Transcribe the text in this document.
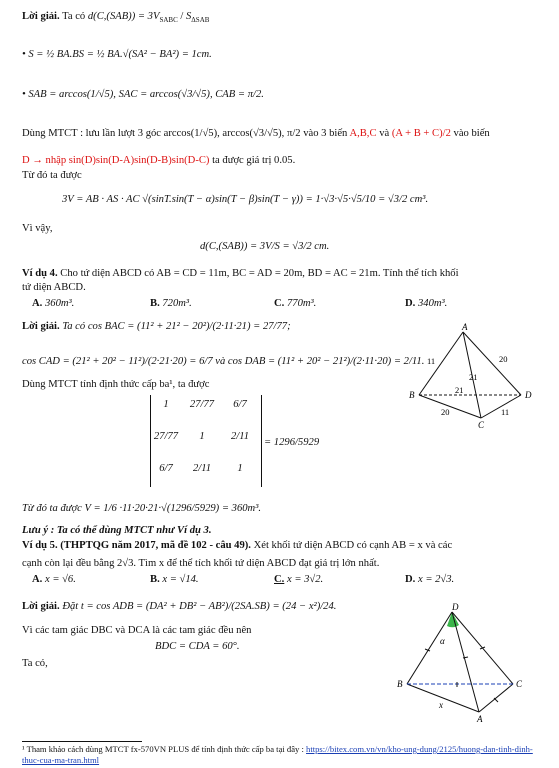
Lời giải. Ta có $d(C,(SAB)) = 3V_{SABC} / S_{\Delta SAB}$
• S = ½ BA.BS = ½ BA.√(SA² − BA²) = 1cm.
• SAB = arccos(1/√5), SAC = arccos(√3/√5), CAB = π/2.
Dùng MTCT : lưu lần lượt 3 góc arccos(1/√5), arccos(√3/√5), π/2 vào 3 biến A,B,C và (A + B + C)/2 vào biến
D → nhập sin(D)sin(D-A)sin(D-B)sin(D-C) ta được giá trị 0.05.
Từ đó ta được
3V = AB · AS · AC √(sinT.sin(T − α)sin(T − β)sin(T − γ)) = 1·√3·√5·√5/10 = √3/2 cm³.
Vì vậy,
d(C,(SAB)) = 3V/S = √3/2 cm.
Ví dụ 4. Cho tứ diện ABCD có AB = CD = 11m, BC = AD = 20m, BD = AC = 21m. Tính thể tích khối
tứ diện ABCD.
A. 360m³.	B. 720m³.	C. 770m³.	D. 340m³.
Lời giải. Ta có cos BAC = (11² + 21² − 20²)/(2·11·21) = 27/77;
cos CAD = (21² + 20² − 11²)/(2·21·20) = 6/7 và cos DAB = (11² + 20² − 21²)/(2·11·20) = 2/11.
Dùng MTCT tính định thức cấp ba¹, ta được
1	27/77	6/7
27/77	1	2/11
6/7	2/11	1
= 1296/5929
Từ đó ta được V = 1/6 ·11·20·21·√(1296/5929) = 360m³.
Lưu ý : Ta có thể dùng MTCT như Ví dụ 3.
A
B
C
D
11	20
21
21
20	11
Ví dụ 5. (THPTQG năm 2017, mã đề 102 - câu 49). Xét khối tứ diện ABCD có cạnh AB = x và các
cạnh còn lại đều bằng 2√3. Tìm x để thể tích khối tứ diện ABCD đạt giá trị lớn nhất.
A. x = √6.	B. x = √14.	C. x = 3√2.	D. x = 2√3.
Lời giải. Đặt t = cos ADB = (DA² + DB² − AB²)/(2SA.SB) = (24 − x²)/24.
Vì các tam giác DBC và DCA là các tam giác đều nên
BDC = CDA = 60°.
Ta có,
D
B	C
A
α
x
¹ Tham khảo cách dùng MTCT fx-570VN PLUS để tính định thức cấp ba tại đây : https://bitex.com.vn/vn/kho-ung-dung/2125/huong-dan-tinh-dinh-thuc-cua-ma-tran.html
